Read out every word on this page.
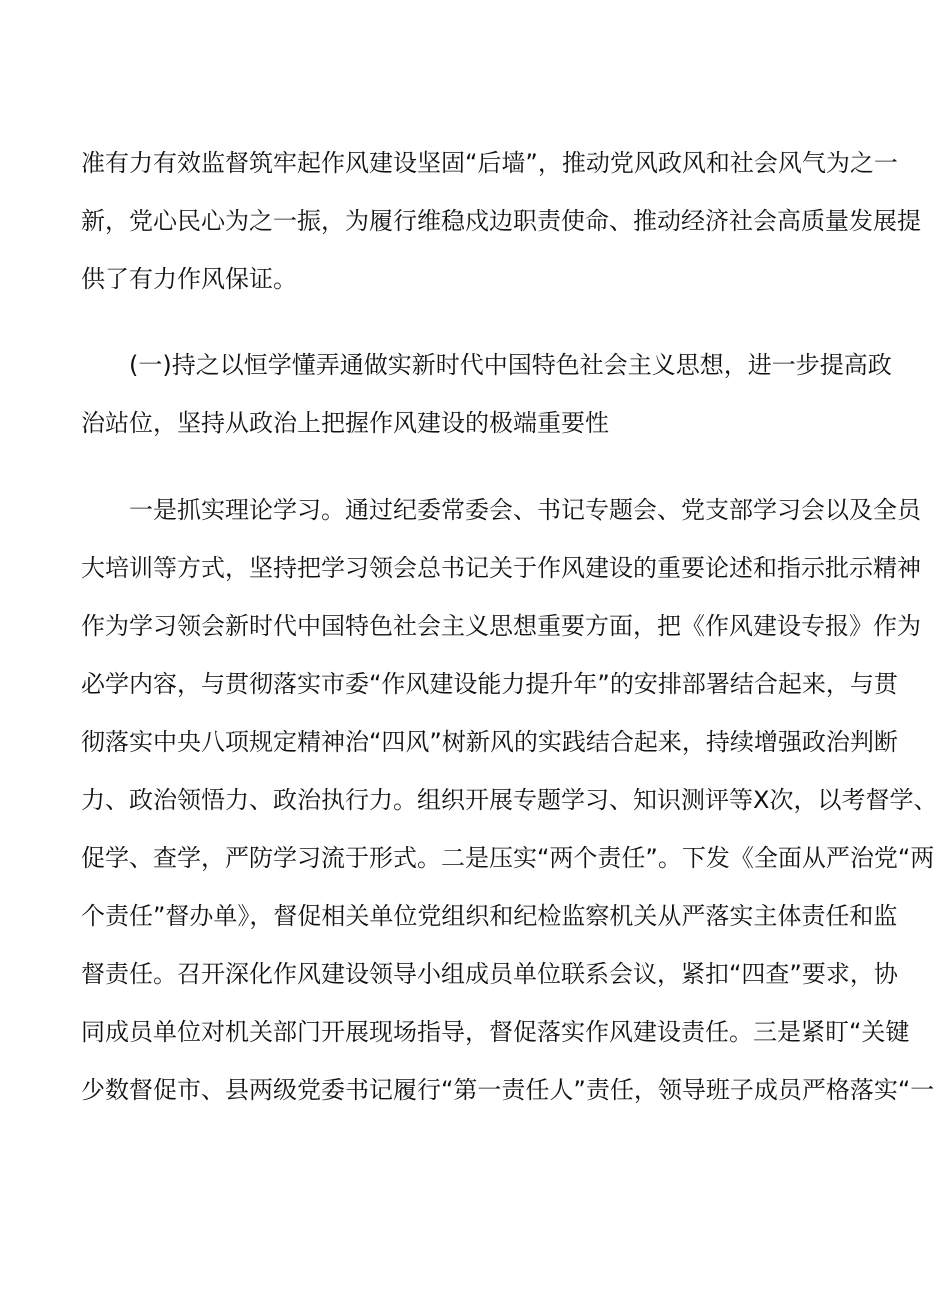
准有力有效监督筑牢起作风建设坚固“后墙”，推动党风政风和社会风气为之一
新，党心民心为之一振，为履行维稳戍边职责使命、推动经济社会高质量发展提
供了有力作风保证。
(一)持之以恒学懂弄通做实新时代中国特色社会主义思想，进一步提高政
治站位，坚持从政治上把握作风建设的极端重要性
一是抓实理论学习。通过纪委常委会、书记专题会、党支部学习会以及全员
大培训等方式，坚持把学习领会总书记关于作风建设的重要论述和指示批示精神
作为学习领会新时代中国特色社会主义思想重要方面，把《作风建设专报》作为
必学内容，与贯彻落实市委“作风建设能力提升年”的安排部署结合起来，与贯
彻落实中央八项规定精神治“四风”树新风的实践结合起来，持续增强政治判断
力、政治领悟力、政治执行力。组织开展专题学习、知识测评等X次，以考督学、
促学、查学，严防学习流于形式。二是压实“两个责任”。下发《全面从严治党“两
个责任”督办单》，督促相关单位党组织和纪检监察机关从严落实主体责任和监
督责任。召开深化作风建设领导小组成员单位联系会议，紧扣“四查”要求，协
同成员单位对机关部门开展现场指导，督促落实作风建设责任。三是紧盯“关键
少数督促市、县两级党委书记履行“第一责任人”责任，领导班子成员严格落实“一
